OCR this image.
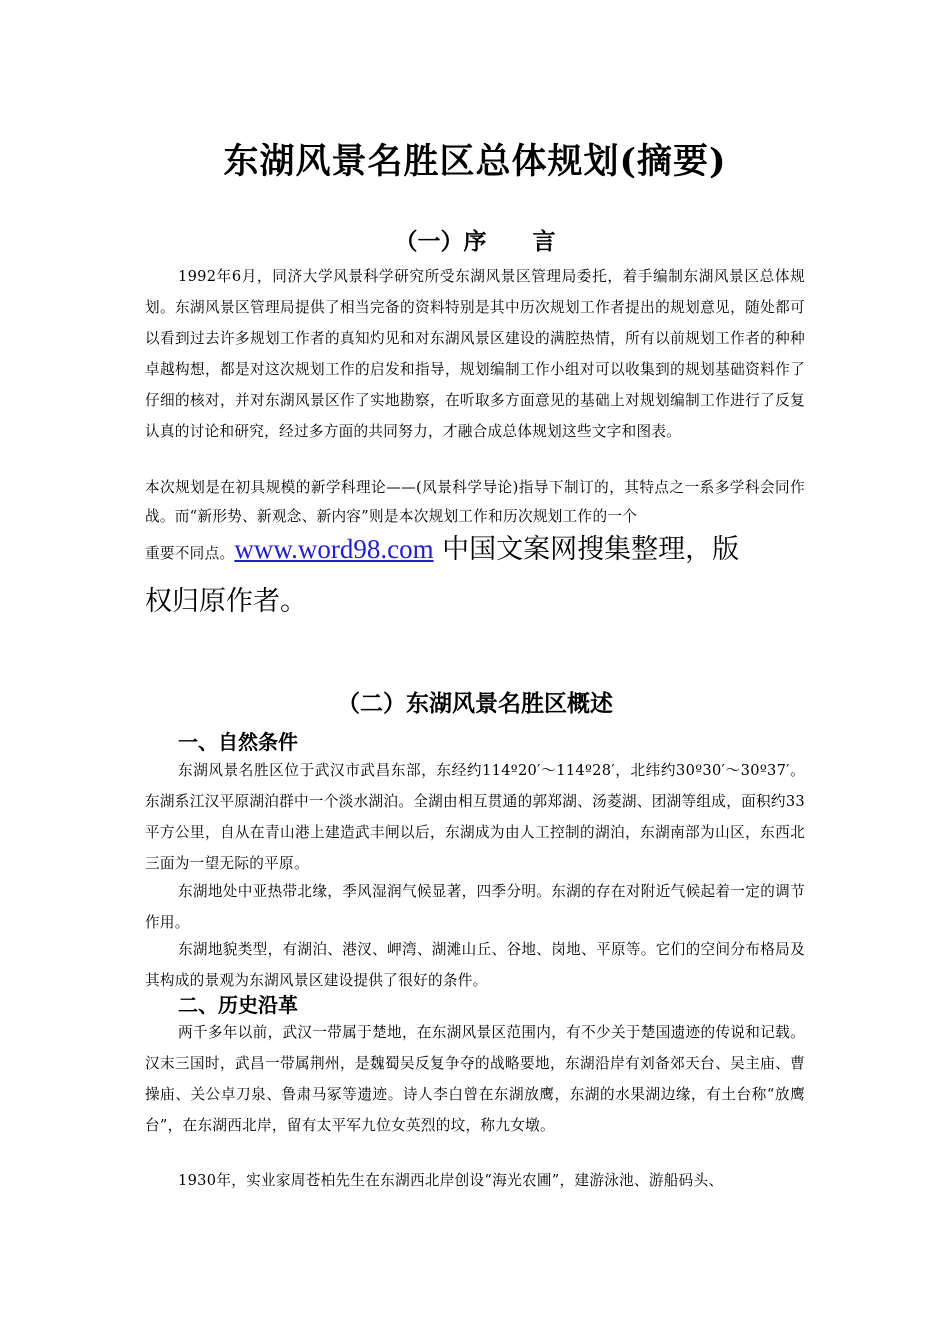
东湖风景名胜区总体规划(摘要)
（一）序　　言
1992年6月，同济大学风景科学研究所受东湖风景区管理局委托，着手编制东湖风景区总体规划。东湖风景区管理局提供了相当完备的资料特别是其中历次规划工作者提出的规划意见，随处都可以看到过去许多规划工作者的真知灼见和对东湖风景区建设的满腔热情，所有以前规划工作者的种种卓越构想，都是对这次规划工作的启发和指导，规划编制工作小组对可以收集到的规划基础资料作了仔细的核对，并对东湖风景区作了实地勘察，在听取多方面意见的基础上对规划编制工作进行了反复认真的讨论和研究，经过多方面的共同努力，才融合成总体规划这些文字和图表。
本次规划是在初具规模的新学科理论——(风景科学导论)指导下制订的，其特点之一系多学科会同作战。而“新形势、新观念、新内容”则是本次规划工作和历次规划工作的一个
重要不同点。www.word98.com 中国文案网搜集整理，版
权归原作者。
（二）东湖风景名胜区概述
一、自然条件
东湖风景名胜区位于武汉市武昌东部，东经约114º20′～114º28′，北纬约30º30′～30º37′。东湖系江汉平原湖泊群中一个淡水湖泊。全湖由相互贯通的郭郑湖、汤菱湖、团湖等组成，面积约33平方公里，自从在青山港上建造武丰闸以后，东湖成为由人工控制的湖泊，东湖南部为山区，东西北三面为一望无际的平原。
东湖地处中亚热带北缘，季风湿润气候显著，四季分明。东湖的存在对附近气候起着一定的调节作用。
东湖地貌类型，有湖泊、港汊、岬湾、湖滩山丘、谷地、岗地、平原等。它们的空间分布格局及其构成的景观为东湖风景区建设提供了很好的条件。
二、历史沿革
两千多年以前，武汉一带属于楚地，在东湖风景区范围内，有不少关于楚国遗迹的传说和记载。汉末三国时，武昌一带属荆州，是魏蜀吴反复争夺的战略要地，东湖沿岸有刘备郊天台、吴主庙、曹操庙、关公卓刀泉、鲁肃马冢等遗迹。诗人李白曾在东湖放鹰，东湖的水果湖边缘，有土台称“放鹰台”，在东湖西北岸，留有太平军九位女英烈的坟，称九女墩。
1930年，实业家周苍柏先生在东湖西北岸创设“海光农圃”，建游泳池、游船码头、
